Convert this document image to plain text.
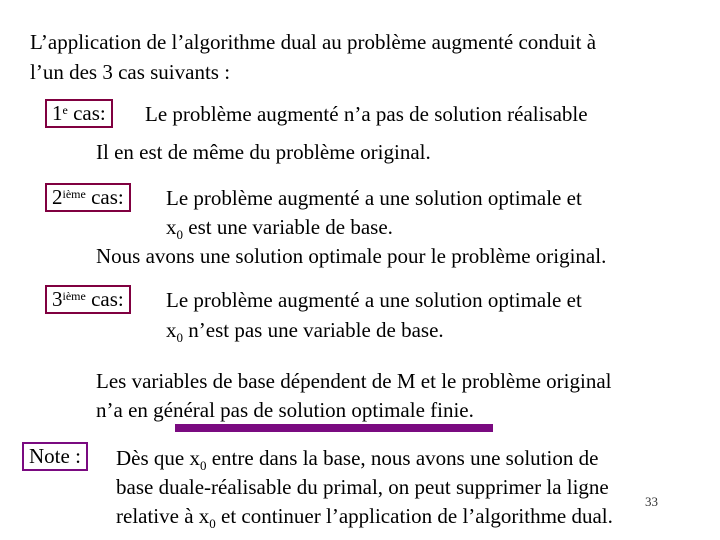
L’application de l’algorithme dual au problème augmenté conduit à
l’un des 3 cas suivants :
1e cas:	Le problème augmenté n’a pas de solution réalisable
Il en est de même du problème original.
2ième cas:	Le problème augmenté a une solution optimale et
$x_0$ est une variable de base.
Nous avons une solution optimale pour le problème original.
3ième cas:	Le problème augmenté a une solution optimale et
$x_0$ n’est pas une variable de base.
Les variables de base dépendent de M et le problème original
n’a en général pas de solution optimale finie.
Note :	Dès que $x_0$ entre dans la base, nous avons une solution de
base duale-réalisable du primal, on peut supprimer la ligne
relative à $x_0$ et continuer l’application de l’algorithme dual.
33
